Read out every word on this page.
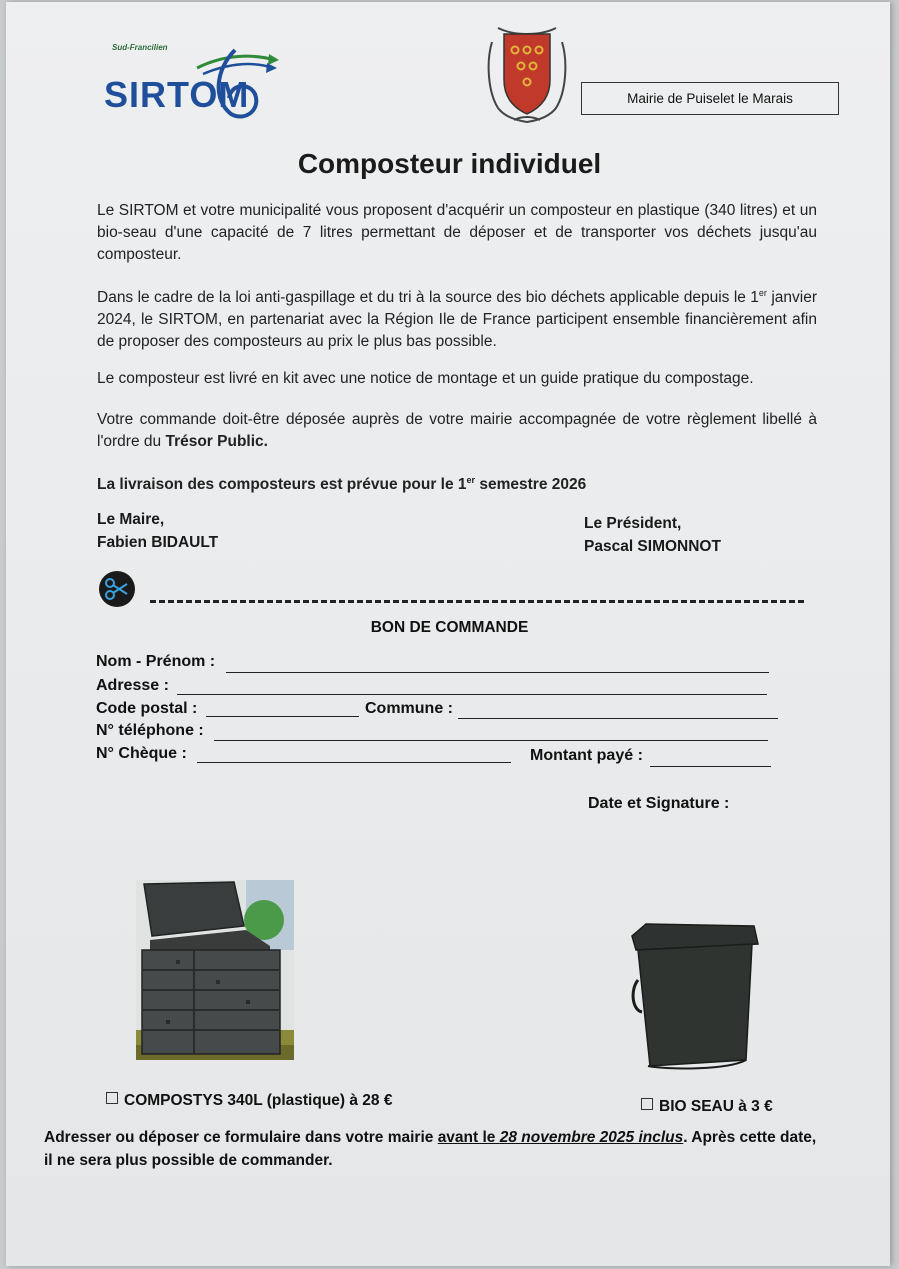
Sud-Francilien
SIRTOM	Mairie de Puiselet le Marais
Composteur individuel
Le SIRTOM et votre municipalité vous proposent d'acquérir un composteur en plastique (340 litres) et un bio-seau d'une capacité de 7 litres permettant de déposer et de transporter vos déchets jusqu'au composteur.
Dans le cadre de la loi anti-gaspillage et du tri à la source des bio déchets applicable depuis le 1er janvier 2024, le SIRTOM, en partenariat avec la Région Ile de France participent ensemble financièrement afin de proposer des composteurs au prix le plus bas possible.
Le composteur est livré en kit avec une notice de montage et un guide pratique du compostage.
Votre commande doit-être déposée auprès de votre mairie accompagnée de votre règlement libellé à l'ordre du Trésor Public.
La livraison des composteurs est prévue pour le 1er semestre 2026
Le Maire,
Fabien BIDAULT
Le Président,
Pascal SIMONNOT
BON DE COMMANDE
Nom - Prénom :
Adresse :
Code postal :	Commune :
N° téléphone :
N° Chèque :	Montant payé :
Date et Signature :
COMPOSTYS 340L (plastique) à 28 €	BIO SEAU à 3 €
Adresser ou déposer ce formulaire dans votre mairie avant le 28 novembre 2025 inclus. Après cette date, il ne sera plus possible de commander.
